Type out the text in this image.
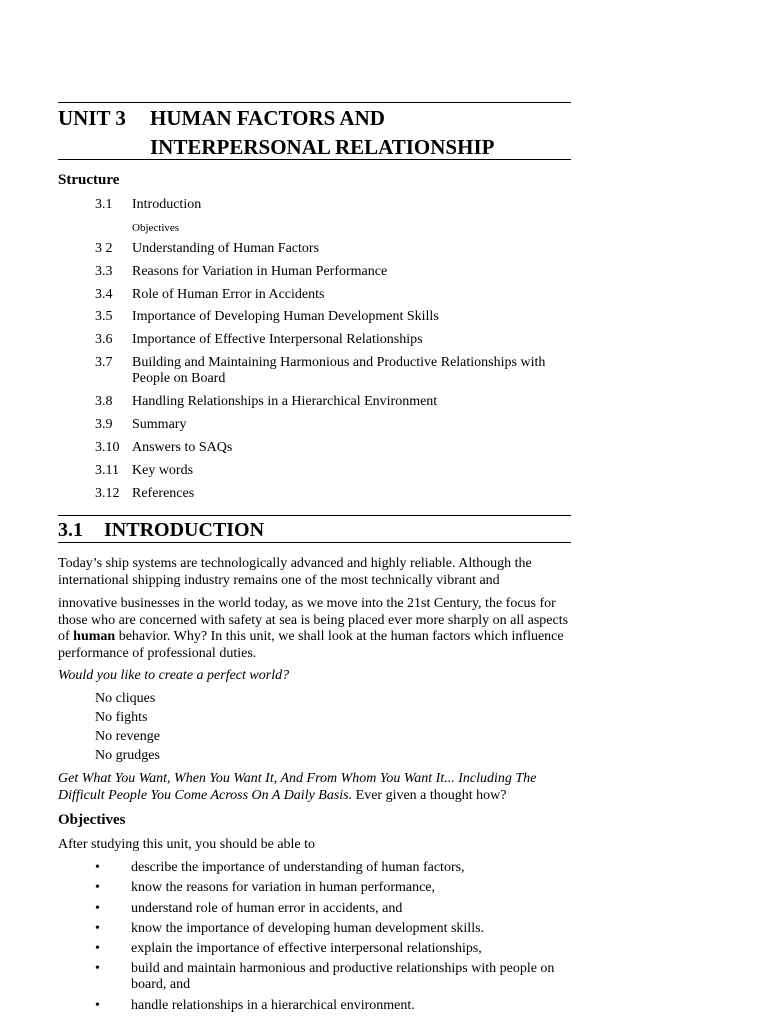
UNIT 3 HUMAN FACTORS AND
INTERPERSONAL RELATIONSHIP
Structure
3.1	Introduction
Objectives
3 2	Understanding of Human Factors
3.3	Reasons for Variation in Human Performance
3.4	Role of Human Error in Accidents
3.5	Importance of Developing Human Development Skills
3.6	Importance of Effective Interpersonal Relationships
3.7	Building and Maintaining Harmonious and Productive Relationships with People on Board
3.8	Handling Relationships in a Hierarchical Environment
3.9	Summary
3.10 Answers to SAQs
3.11 Key words
3.12 References
3.1 INTRODUCTION
Today’s ship systems are technologically advanced and highly reliable. Although the international shipping industry remains one of the most technically vibrant and
innovative businesses in the world today, as we move into the 21st Century, the focus for those who are concerned with safety at sea is being placed ever more sharply on all aspects of human behavior. Why? In this unit, we shall look at the human factors which influence performance of professional duties.
Would you like to create a perfect world?
No cliques
No fights
No revenge
No grudges
Get What You Want, When You Want It, And From Whom You Want It... Including The Difficult People You Come Across On A Daily Basis. Ever given a thought how?
Objectives
After studying this unit, you should be able to
•	describe the importance of understanding of human factors,
•	know the reasons for variation in human performance,
•	understand role of human error in accidents, and
•	know the importance of developing human development skills.
•	explain the importance of effective interpersonal relationships,
•	build and maintain harmonious and productive relationships with people on board, and
•	handle relationships in a hierarchical environment.
